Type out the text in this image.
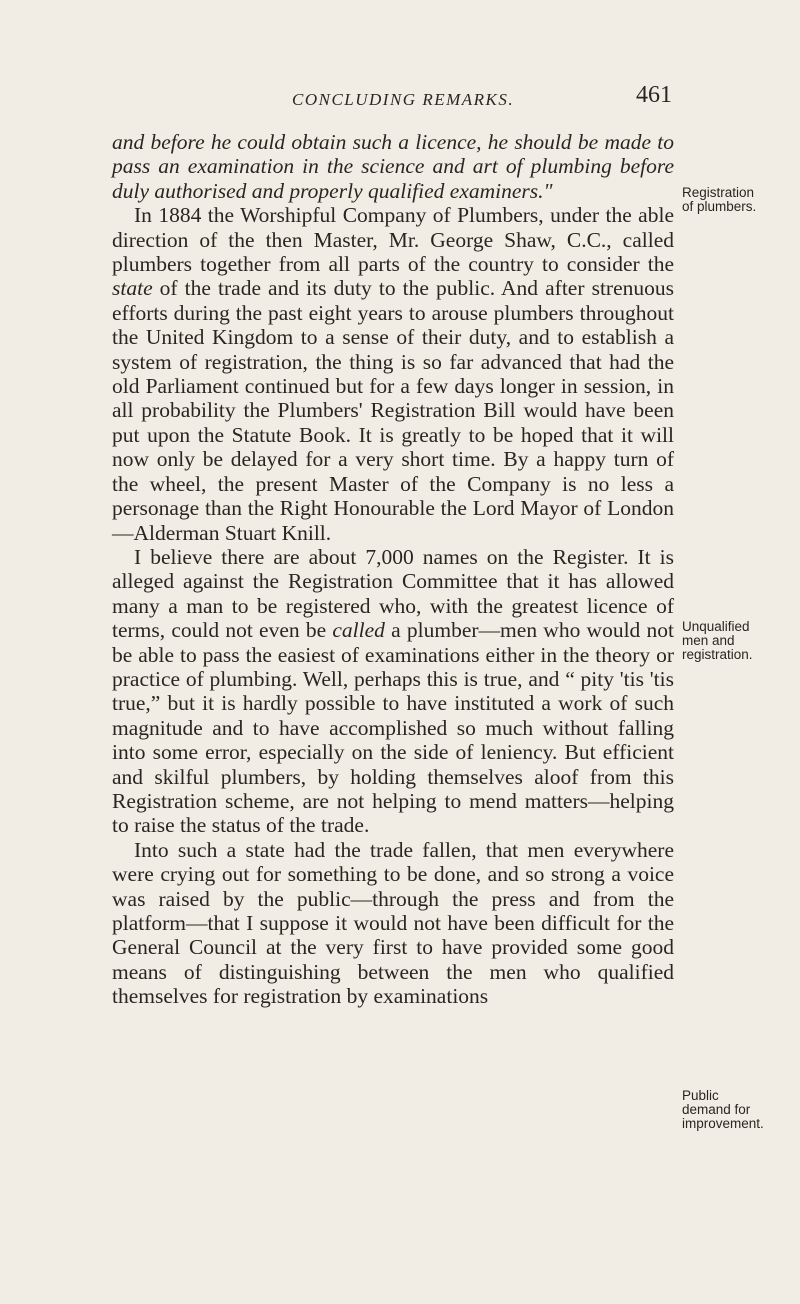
CONCLUDING REMARKS.	461

and before he could obtain such a licence, he should be made to pass an examination in the science and art of plumbing before duly authorised and properly qualified examiners."

In 1884 the Worshipful Company of Plumbers, under the able direction of the then Master, Mr. George Shaw, C.C., called plumbers together from all parts of the country to consider the state of the trade and its duty to the public. And after strenuous efforts during the past eight years to arouse plumbers throughout the United Kingdom to a sense of their duty, and to establish a system of registration, the thing is so far advanced that had the old Parliament continued but for a few days longer in session, in all probability the Plumbers' Registration Bill would have been put upon the Statute Book. It is greatly to be hoped that it will now only be delayed for a very short time. By a happy turn of the wheel, the present Master of the Company is no less a personage than the Right Honourable the Lord Mayor of London—Alderman Stuart Knill.

I believe there are about 7,000 names on the Register. It is alleged against the Registration Committee that it has allowed many a man to be registered who, with the greatest licence of terms, could not even be called a plumber—men who would not be able to pass the easiest of examinations either in the theory or practice of plumbing. Well, perhaps this is true, and “ pity 'tis 'tis true,” but it is hardly possible to have instituted a work of such magnitude and to have accomplished so much without falling into some error, especially on the side of leniency. But efficient and skilful plumbers, by holding themselves aloof from this Registration scheme, are not helping to mend matters—helping to raise the status of the trade.

Into such a state had the trade fallen, that men everywhere were crying out for something to be done, and so strong a voice was raised by the public—through the press and from the platform—that I suppose it would not have been difficult for the General Council at the very first to have provided some good means of distinguishing between the men who qualified themselves for registration by examinations

Registration
of plumbers.
Unqualified
men and
registration.
Public
demand for
improvement.
